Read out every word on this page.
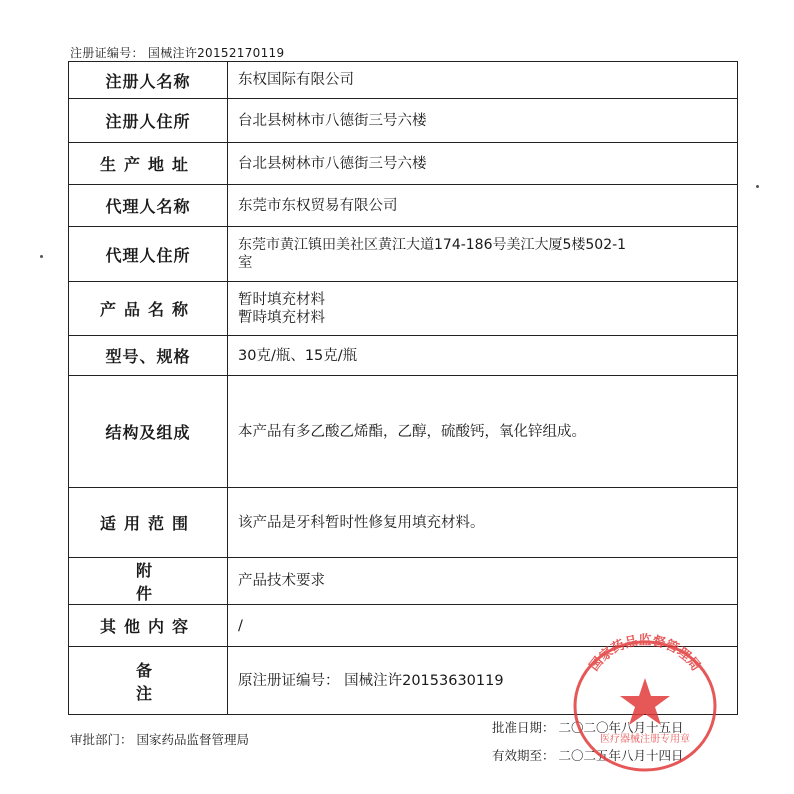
注册证编号： 国械注许20152170119
注册人名称	东权国际有限公司

注册人住所	台北县树林市八德街三号六楼

生产地址	台北县树林市八德街三号六楼

代理人名称	东莞市东权贸易有限公司

代理人住所	东莞市黄江镇田美社区黄江大道174-186号美江大厦5楼502-1
室

产品名称	暂时填充材料
暫時填充材料

型号、规格	30克/瓶、15克/瓶

结构及组成	本产品有多乙酸乙烯酯，乙醇，硫酸钙，氧化锌组成。

适用范围	该产品是牙科暂时性修复用填充材料。

附件	产品技术要求

其他内容	/

备注	原注册证编号： 国械注许20153630119
审批部门： 国家药品监督管理局
批准日期： 二〇二〇年八月十五日
有效期至： 二〇二五年八月十四日
国家药品监督管理局
医疗器械注册专用章
